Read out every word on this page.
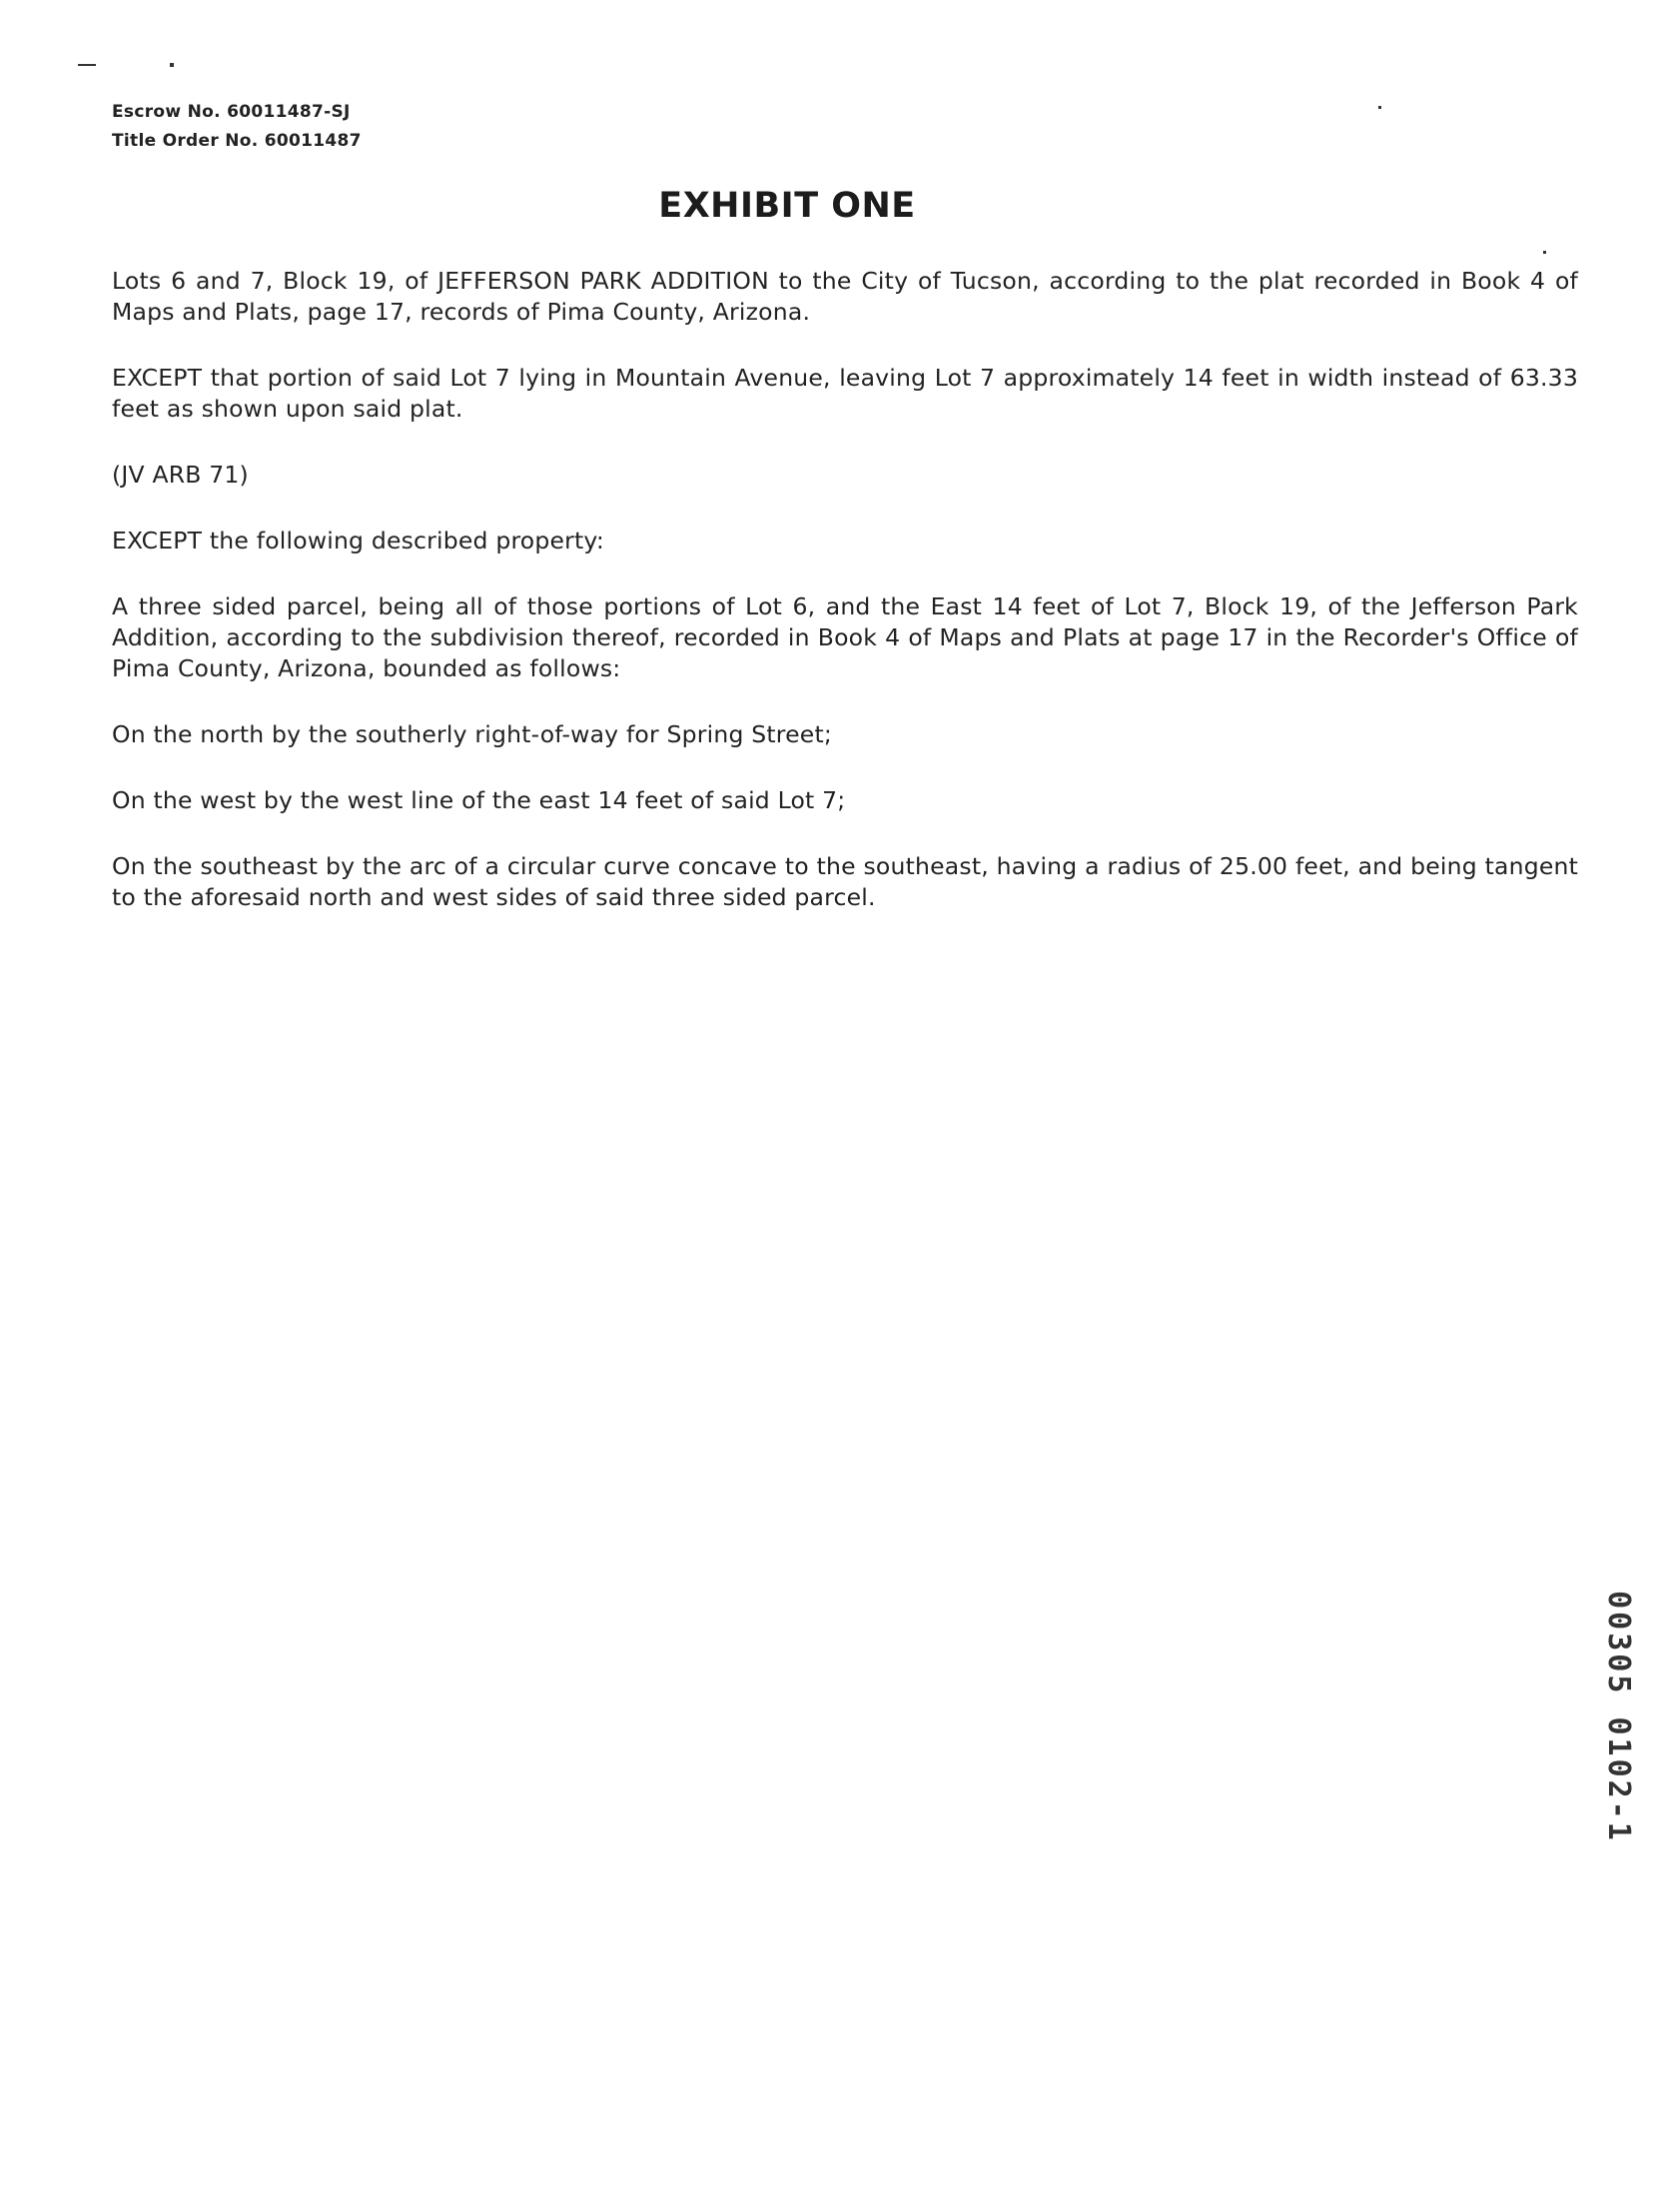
Escrow No. 60011487-SJ
Title Order No. 60011487
EXHIBIT ONE

Lots 6 and 7, Block 19, of JEFFERSON PARK ADDITION to the City of Tucson, according to the plat recorded in Book 4 of Maps and Plats, page 17, records of Pima County, Arizona.

EXCEPT that portion of said Lot 7 lying in Mountain Avenue, leaving Lot 7 approximately 14 feet in width instead of 63.33 feet as shown upon said plat.

(JV ARB 71)

EXCEPT the following described property:

A three sided parcel, being all of those portions of Lot 6, and the East 14 feet of Lot 7, Block 19, of the Jefferson Park Addition, according to the subdivision thereof, recorded in Book 4 of Maps and Plats at page 17 in the Recorder's Office of Pima County, Arizona, bounded as follows:

On the north by the southerly right-of-way for Spring Street;

On the west by the west line of the east 14 feet of said Lot 7;

On the southeast by the arc of a circular curve concave to the southeast, having a radius of 25.00 feet, and being tangent to the aforesaid north and west sides of said three sided parcel.

00305 0102-1
